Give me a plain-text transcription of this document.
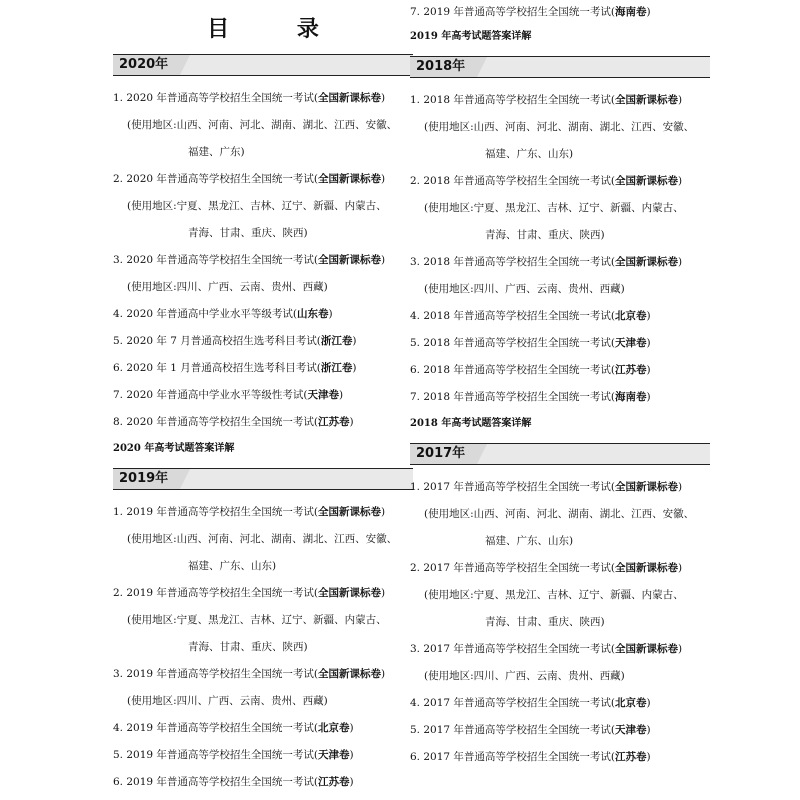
目 录
2020年
1. 2020 年普通高等学校招生全国统一考试(全国新课标卷)
(使用地区:山西、河南、河北、湖南、湖北、江西、安徽、
福建、广东)
2. 2020 年普通高等学校招生全国统一考试(全国新课标卷)
(使用地区:宁夏、黑龙江、吉林、辽宁、新疆、内蒙古、
青海、甘肃、重庆、陕西)
3. 2020 年普通高等学校招生全国统一考试(全国新课标卷)
(使用地区:四川、广西、云南、贵州、西藏)
4. 2020 年普通高中学业水平等级考试(山东卷)
5. 2020 年 7 月普通高校招生选考科目考试(浙江卷)
6. 2020 年 1 月普通高校招生选考科目考试(浙江卷)
7. 2020 年普通高中学业水平等级性考试(天津卷)
8. 2020 年普通高等学校招生全国统一考试(江苏卷)
2020 年高考试题答案详解
2019年
1. 2019 年普通高等学校招生全国统一考试(全国新课标卷)
(使用地区:山西、河南、河北、湖南、湖北、江西、安徽、
福建、广东、山东)
2. 2019 年普通高等学校招生全国统一考试(全国新课标卷)
(使用地区:宁夏、黑龙江、吉林、辽宁、新疆、内蒙古、
青海、甘肃、重庆、陕西)
3. 2019 年普通高等学校招生全国统一考试(全国新课标卷)
(使用地区:四川、广西、云南、贵州、西藏)
4. 2019 年普通高等学校招生全国统一考试(北京卷)
5. 2019 年普通高等学校招生全国统一考试(天津卷)
6. 2019 年普通高等学校招生全国统一考试(江苏卷)
7. 2019 年普通高等学校招生全国统一考试(海南卷)
2019 年高考试题答案详解
2018年
1. 2018 年普通高等学校招生全国统一考试(全国新课标卷)
(使用地区:山西、河南、河北、湖南、湖北、江西、安徽、
福建、广东、山东)
2. 2018 年普通高等学校招生全国统一考试(全国新课标卷)
(使用地区:宁夏、黑龙江、吉林、辽宁、新疆、内蒙古、
青海、甘肃、重庆、陕西)
3. 2018 年普通高等学校招生全国统一考试(全国新课标卷)
(使用地区:四川、广西、云南、贵州、西藏)
4. 2018 年普通高等学校招生全国统一考试(北京卷)
5. 2018 年普通高等学校招生全国统一考试(天津卷)
6. 2018 年普通高等学校招生全国统一考试(江苏卷)
7. 2018 年普通高等学校招生全国统一考试(海南卷)
2018 年高考试题答案详解
2017年
1. 2017 年普通高等学校招生全国统一考试(全国新课标卷)
(使用地区:山西、河南、河北、湖南、湖北、江西、安徽、
福建、广东、山东)
2. 2017 年普通高等学校招生全国统一考试(全国新课标卷)
(使用地区:宁夏、黑龙江、吉林、辽宁、新疆、内蒙古、
青海、甘肃、重庆、陕西)
3. 2017 年普通高等学校招生全国统一考试(全国新课标卷)
(使用地区:四川、广西、云南、贵州、西藏)
4. 2017 年普通高等学校招生全国统一考试(北京卷)
5. 2017 年普通高等学校招生全国统一考试(天津卷)
6. 2017 年普通高等学校招生全国统一考试(江苏卷)
